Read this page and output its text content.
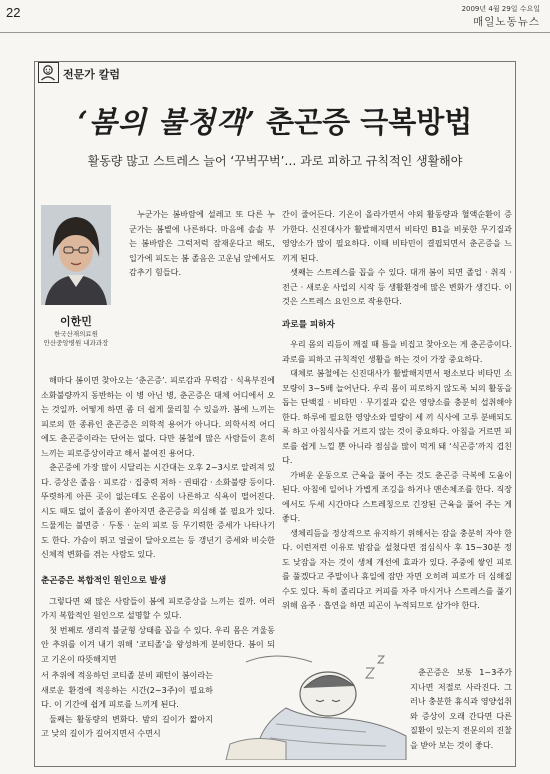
22	2009년 4월 29일 수요일
매일노동뉴스
전문가 칼럼
‘봄의 불청객’ 춘곤증 극복방법
활동량 많고 스트레스 늘어 ‘꾸벅꾸벅’… 과로 피하고 규칙적인 생활해야
이한민
한국산재의료원
안산중앙병원 내과과장

누군가는 봄바람에 설레고 또 다른 누군가는 봄볕에 나른하다. 마음에 솔솔 부는 봄바람은 그럭저럭 잠재운다고 해도, 입가에 피도는 봄 졸음은 고운님 앞에서도 감추기 힘들다.

해마다 봄이면 찾아오는 ‘춘곤증’. 피로감과 무력감 · 식욕부진에 소화불량까지 동반하는 이 병 아닌 병, 춘곤증은 대체 어디에서 오는 것일까. 어떻게 하면 좀 더 쉽게 물리칠 수 있을까. 봄에 느끼는 피로의 한 종류인 춘곤증은 의학적 용어가 아니다. 의학서적 어디에도 춘곤증이라는 단어는 없다. 다만 봄철에 많은 사람들이 흔히 느끼는 피로증상이라고 해서 붙여진 용어다.

춘곤증에 가장 많이 시달리는 시간대는 오후 2~3시로 알려져 있다. 증상은 졸음 · 피로감 · 집중력 저하 · 권태감 · 소화불량 등이다. 뚜렷하게 아픈 곳이 없는데도 온몸이 나른하고 식욕이 떨어진다. 시도 때도 없이 졸음이 쏟아지면 춘곤증을 의심해 볼 필요가 있다. 드물게는 불면증 · 두통 · 눈의 피로 등 무기력한 증세가 나타나기도 한다. 가슴이 뛰고 얼굴이 달아오르는 등 갱년기 증세와 비슷한 신체적 변화를 겪는 사람도 있다.

춘곤증은 복합적인 원인으로 발생

그렇다면 왜 많은 사람들이 봄에 피로증상을 느끼는 걸까. 여러가지 복합적인 원인으로 설명할 수 있다.

첫 번째로 생리적 불균형 상태를 꼽을 수 있다. 우리 몸은 겨울동안 추위를 이겨 내기 위해 ‘코티졸’을 왕성하게 분비한다. 봄이 되고 기온이 따뜻해지면

서 추위에 적응하던 코티졸 분비 패턴이 봄이라는 새로운 환경에 적응하는 시간(2~3주)이 필요하다. 이 기간에 쉽게 피로를 느끼게 된다.

둘째는 활동량의 변화다. 밤의 길이가 짧아지고 낮의 길이가 길어지면서 수면시

간이 줄어든다. 기온이 올라가면서 야외 활동량과 혈액순환이 증가한다. 신진대사가 활발해지면서 비타민 B1을 비롯한 무기질과 영양소가 많이 필요하다. 이때 비타민이 결핍되면서 춘곤증을 느끼게 된다.

셋째는 스트레스를 꼽을 수 있다. 대개 봄이 되면 졸업 · 취직 · 전근 · 새로운 사업의 시작 등 생활환경에 많은 변화가 생긴다. 이것은 스트레스 요인으로 작용한다.

과로를 피하자

우리 몸의 리듬이 깨질 때 틈을 비집고 찾아오는 게 춘곤증이다. 과로를 피하고 규칙적인 생활을 하는 것이 가장 중요하다.

대체로 봄철에는 신진대사가 활발해지면서 평소보다 비타민 소모량이 3~5배 늘어난다. 우리 몸이 피로하지 않도록 뇌의 활동을 돕는 단백질 · 비타민 · 무기질과 같은 영양소를 충분히 섭취해야 한다. 하루에 필요한 영양소와 열량이 세 끼 식사에 고루 분배되도록 하고 아침식사를 거르지 않는 것이 중요하다. 아침을 거르면 피로를 쉽게 느낄 뿐 아니라 점심을 많이 먹게 돼 ‘식곤증’까지 겹친다.

가벼운 운동으로 근육을 풀어 주는 것도 춘곤증 극복에 도움이 된다. 아침에 일어나 가볍게 조깅을 하거나 맨손체조를 한다. 직장에서도 두세 시간마다 스트레칭으로 긴장된 근육을 풀어 주는 게 좋다.

생체리듬을 정상적으로 유지하기 위해서는 잠을 충분히 자야 한다. 이런저런 이유로 밤잠을 설쳤다면 점심식사 후 15~30분 정도 낮잠을 자는 것이 생체 개선에 효과가 있다. 주중에 쌓인 피로를 풀겠다고 주말이나 휴일에 잠만 자면 오히려 피로가 더 심해질 수도 있다. 특히 졸리다고 커피를 자주 마시거나 스트레스를 풀기 위해 음주 · 흡연을 하면 피곤이 누적되므로 삼가야 한다.

춘곤증은 보통 1~3주가 지나면 저절로 사라진다. 그러나 충분한 휴식과 영양섭취와 증상이 오래 간다면 다른 질환이 있는지 전문의의 진찰을 받아 보는 것이 좋다.
